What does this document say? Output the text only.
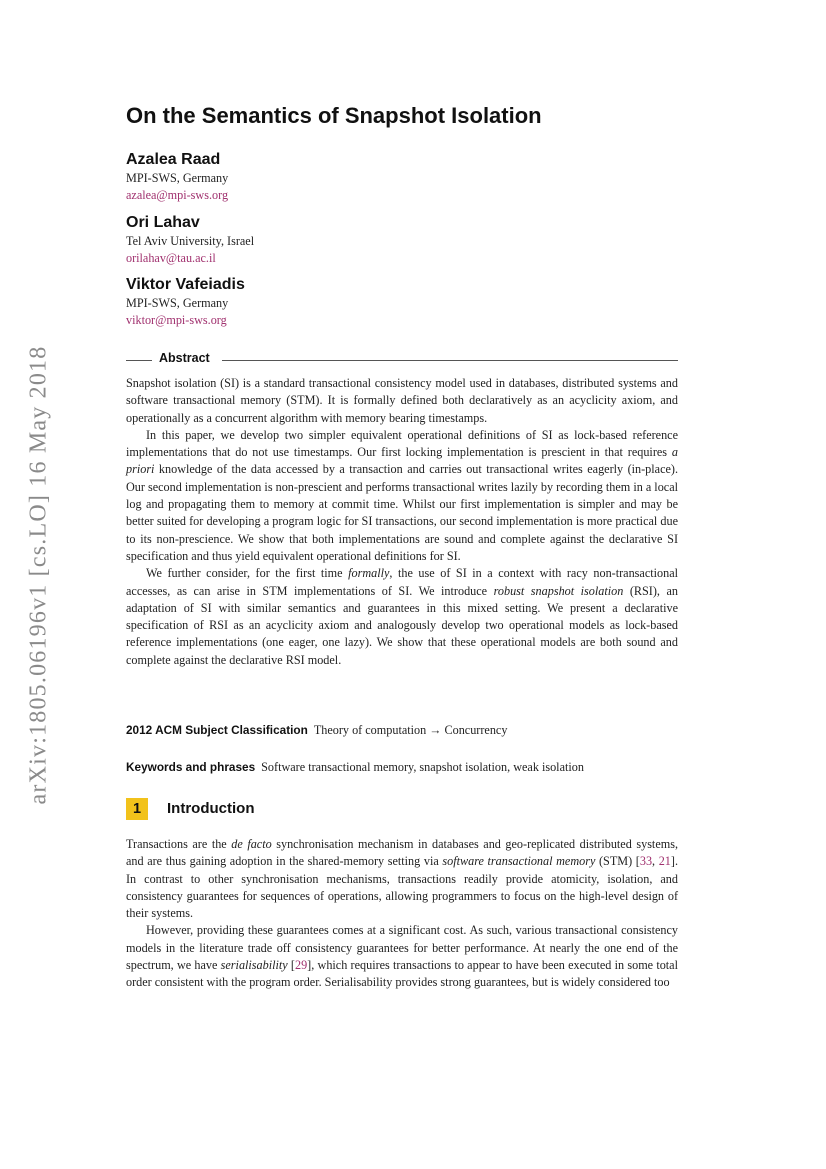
arXiv:1805.06196v1 [cs.LO] 16 May 2018
On the Semantics of Snapshot Isolation
Azalea Raad
MPI-SWS, Germany
azalea@mpi-sws.org
Ori Lahav
Tel Aviv University, Israel
orilahav@tau.ac.il
Viktor Vafeiadis
MPI-SWS, Germany
viktor@mpi-sws.org
Abstract

Snapshot isolation (SI) is a standard transactional consistency model used in databases, distributed systems and software transactional memory (STM). It is formally defined both declaratively as an acyclicity axiom, and operationally as a concurrent algorithm with memory bearing timestamps.

In this paper, we develop two simpler equivalent operational definitions of SI as lock-based reference implementations that do not use timestamps. Our first locking implementation is prescient in that requires a priori knowledge of the data accessed by a transaction and carries out transactional writes eagerly (in-place). Our second implementation is non-prescient and performs transactional writes lazily by recording them in a local log and propagating them to memory at commit time. Whilst our first implementation is simpler and may be better suited for developing a program logic for SI transactions, our second implementation is more practical due to its non-prescience. We show that both implementations are sound and complete against the declarative SI specification and thus yield equivalent operational definitions for SI.

We further consider, for the first time formally, the use of SI in a context with racy non-transactional accesses, as can arise in STM implementations of SI. We introduce robust snapshot isolation (RSI), an adaptation of SI with similar semantics and guarantees in this mixed setting. We present a declarative specification of RSI as an acyclicity axiom and analogously develop two operational models as lock-based reference implementations (one eager, one lazy). We show that these operational models are both sound and complete against the declarative RSI model.

2012 ACM Subject Classification Theory of computation → Concurrency
Keywords and phrases Software transactional memory, snapshot isolation, weak isolation
1	Introduction

Transactions are the de facto synchronisation mechanism in databases and geo-replicated distributed systems, and are thus gaining adoption in the shared-memory setting via software transactional memory (STM) [33, 21]. In contrast to other synchronisation mechanisms, transactions readily provide atomicity, isolation, and consistency guarantees for sequences of operations, allowing programmers to focus on the high-level design of their systems.

However, providing these guarantees comes at a significant cost. As such, various transactional consistency models in the literature trade off consistency guarantees for better performance. At nearly the one end of the spectrum, we have serialisability [29], which requires transactions to appear to have been executed in some total order consistent with the program order. Serialisability provides strong guarantees, but is widely considered too
